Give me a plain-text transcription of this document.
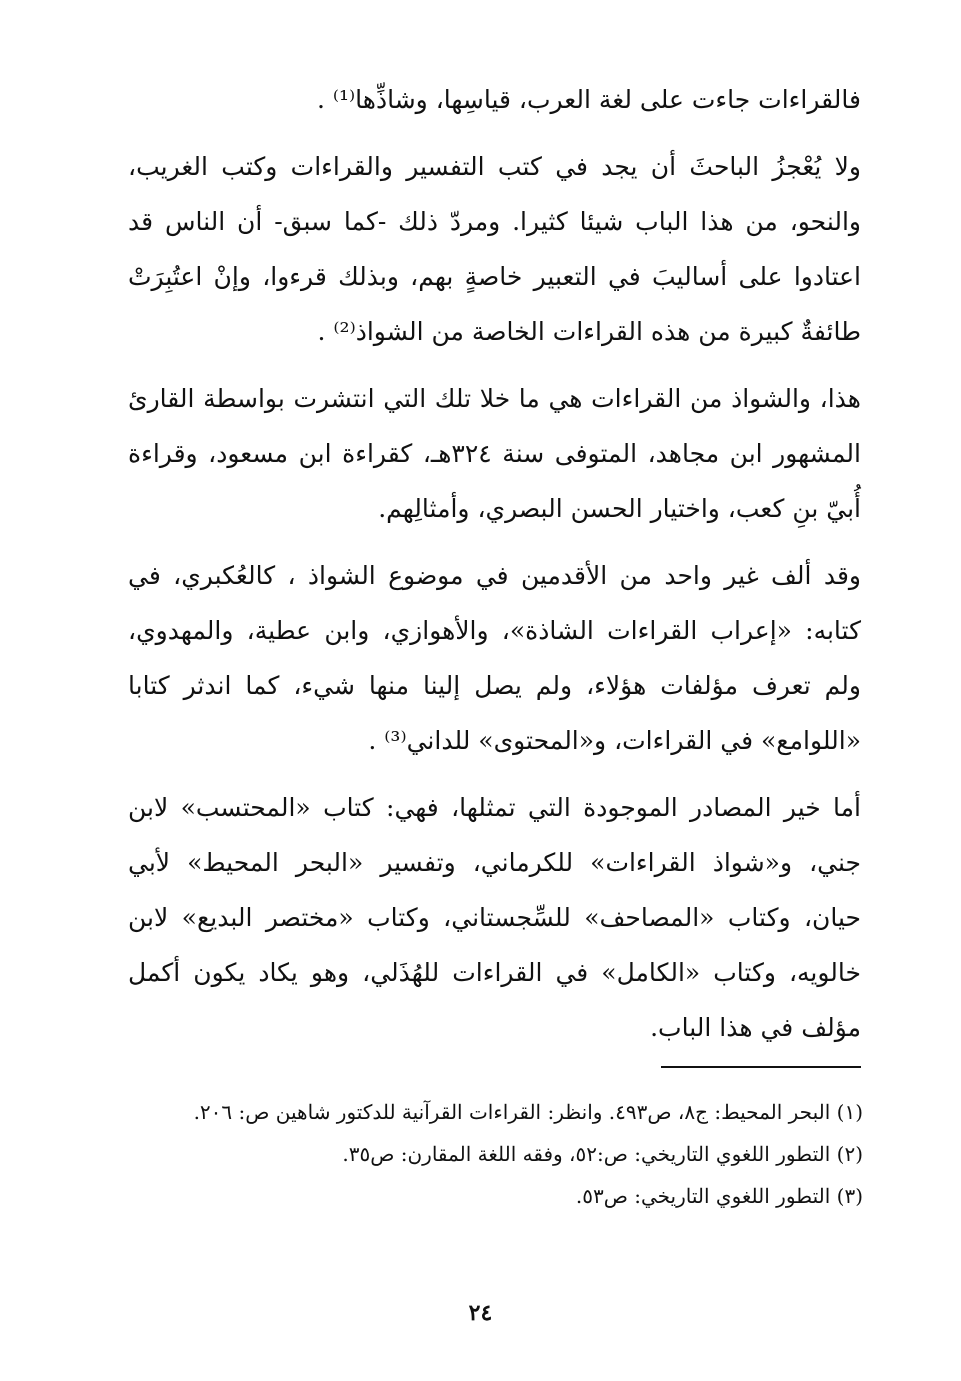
فالقراءات جاءت على لغة العرب، قياسِها، وشاذِّها⁽¹⁾ .

ولا يُعْجزُ الباحثَ أن يجد في كتب التفسير والقراءات وكتب الغريب، والنحو، من هذا الباب شيئا كثيرا. ومردّ ذلك -كما سبق- أن الناس قد اعتادوا على أساليبَ في التعبير خاصةٍ بهم، وبذلك قرءوا، وإنْ اعتُبِرَتْ طائفةٌ كبيرة من هذه القراءات الخاصة من الشواذ⁽²⁾ .

هذا، والشواذ من القراءات هي ما خلا تلك التي انتشرت بواسطة القارئ المشهور ابن مجاهد، المتوفى سنة ٣٢٤هـ، كقراءة ابن مسعود، وقراءة أُبيّ بنِ كعب، واختيار الحسن البصري، وأمثالِهم.

وقد ألف غير واحد من الأقدمين في موضوع الشواذ ، كالعُكبري، في كتابه: «إعراب القراءات الشاذة»، والأهوازي، وابن عطية، والمهدوي، ولم تعرف مؤلفات هؤلاء، ولم يصل إلينا منها شيء، كما اندثر كتابا «اللوامع» في القراءات، و«المحتوى» للداني⁽³⁾ .

أما خير المصادر الموجودة التي تمثلها، فهي: كتاب «المحتسب» لابن جني، و«شواذ القراءات» للكرماني، وتفسير «البحر المحيط» لأبي حيان، وكتاب «المصاحف» للسِّجستاني، وكتاب «مختصر البديع» لابن خالويه، وكتاب «الكامل» في القراءات للهُذَلي، وهو يكاد يكون أكمل مؤلف في هذا الباب.

(١) البحر المحيط: ج٨، ص٤٩٣. وانظر: القراءات القرآنية للدكتور شاهين ص: ٢٠٦.

(٢) التطور اللغوي التاريخي: ص:٥٢، وفقه اللغة المقارن: ص٣٥.

(٣) التطور اللغوي التاريخي: ص٥٣.

٢٤
